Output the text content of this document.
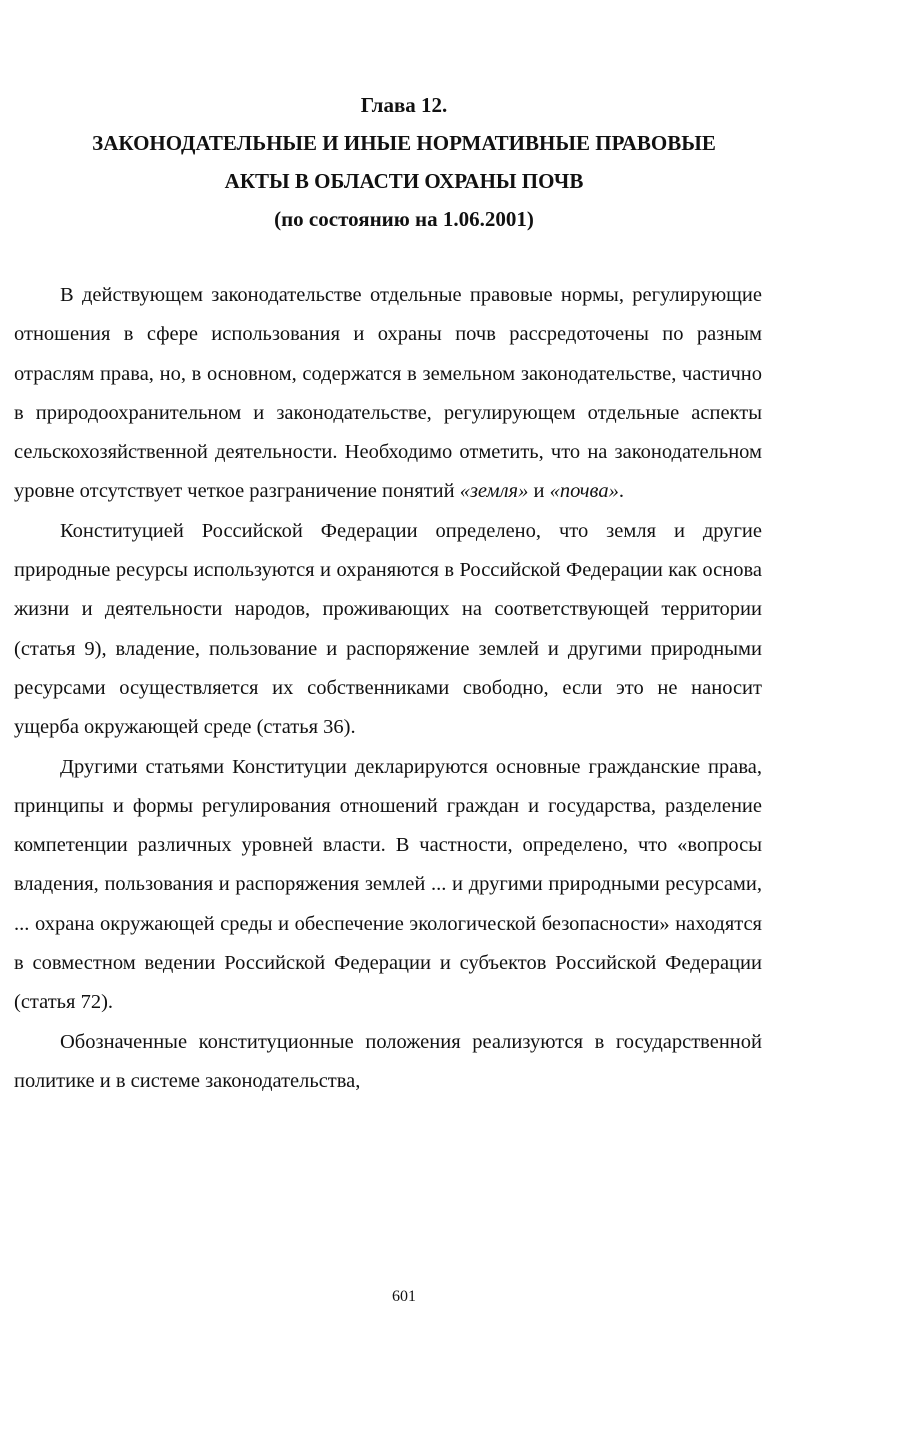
Глава 12.
ЗАКОНОДАТЕЛЬНЫЕ И ИНЫЕ НОРМАТИВНЫЕ ПРАВОВЫЕ
АКТЫ В ОБЛАСТИ ОХРАНЫ ПОЧВ
(по состоянию на 1.06.2001)

В действующем законодательстве отдельные правовые нормы, регулирующие отношения в сфере использования и охраны почв рассредоточены по разным отраслям права, но, в основном, содержатся в земельном законодательстве, частично в природоохранительном и законодательстве, регулирующем отдельные аспекты сельскохозяйственной деятельности. Необходимо отметить, что на законодательном уровне отсутствует четкое разграничение понятий «земля» и «почва».

Конституцией Российской Федерации определено, что земля и другие природные ресурсы используются и охраняются в Российской Федерации как основа жизни и деятельности народов, проживающих на соответствующей территории (статья 9), владение, пользование и распоряжение землей и другими природными ресурсами осуществляется их собственниками свободно, если это не наносит ущерба окружающей среде (статья 36).

Другими статьями Конституции декларируются основные гражданские права, принципы и формы регулирования отношений граждан и государства, разделение компетенции различных уровней власти. В частности, определено, что «вопросы владения, пользования и распоряжения землей ... и другими природными ресурсами, ... охрана окружающей среды и обеспечение экологической безопасности» находятся в совместном ведении Российской Федерации и субъектов Российской Федерации (статья 72).

Обозначенные конституционные положения реализуются в государственной политике и в системе законодательства,

601
